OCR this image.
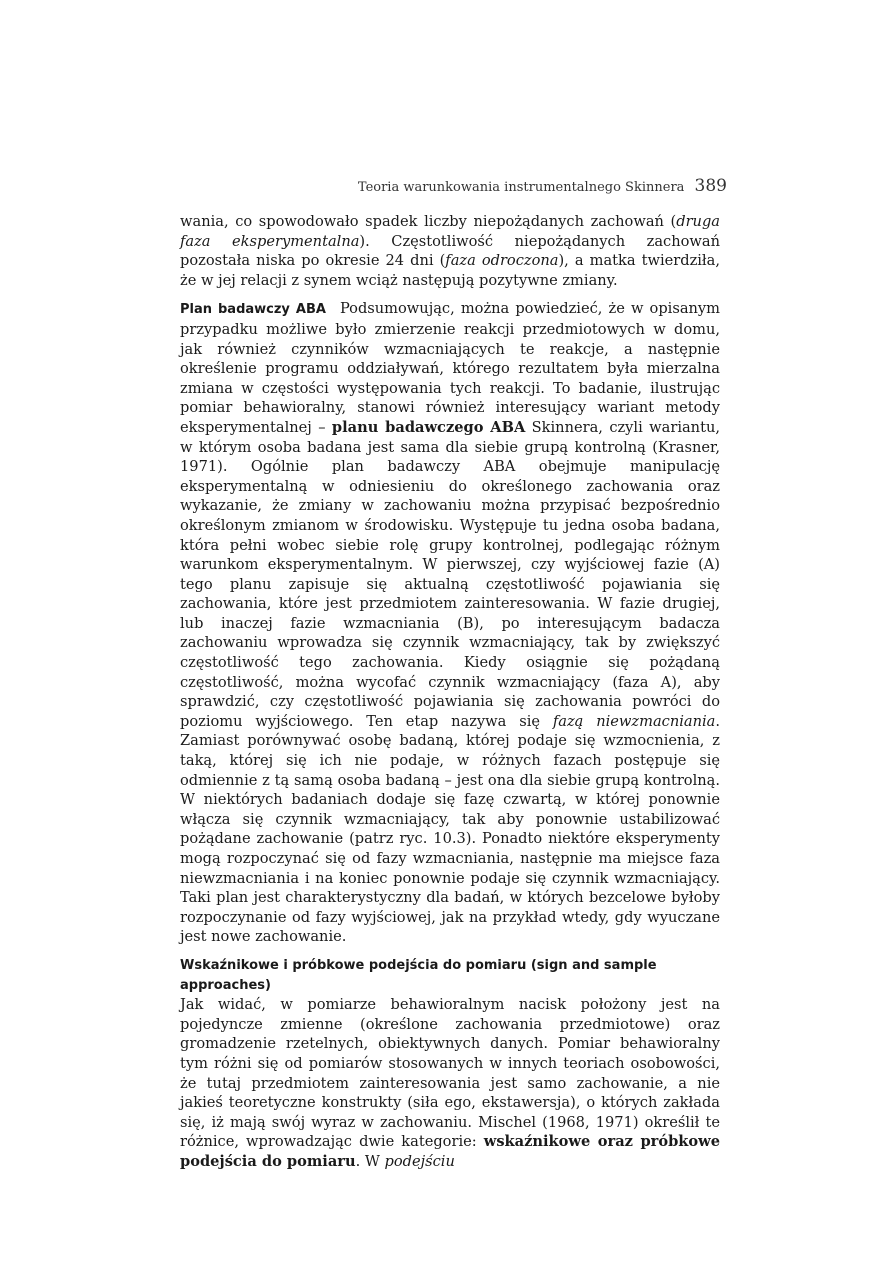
Teoria warunkowania instrumentalnego Skinnera 389

wania, co spowodowało spadek liczby niepożądanych zachowań (druga faza eksperymentalna). Częstotliwość niepożądanych zachowań pozostała niska po okresie 24 dni (faza odroczona), a matka twierdziła, że w jej relacji z synem wciąż następują pozytywne zmiany.

Plan badawczy ABA Podsumowując, można powiedzieć, że w opisanym przypadku możliwe było zmierzenie reakcji przedmiotowych w domu, jak również czynników wzmacniających te reakcje, a następnie określenie programu oddziaływań, którego rezultatem była mierzalna zmiana w częstości występowania tych reakcji. To badanie, ilustrując pomiar behawioralny, stanowi również interesujący wariant metody eksperymentalnej – planu badawczego ABA Skinnera, czyli wariantu, w którym osoba badana jest sama dla siebie grupą kontrolną (Krasner, 1971). Ogólnie plan badawczy ABA obejmuje manipulację eksperymentalną w odniesieniu do określonego zachowania oraz wykazanie, że zmiany w zachowaniu można przypisać bezpośrednio określonym zmianom w środowisku. Występuje tu jedna osoba badana, która pełni wobec siebie rolę grupy kontrolnej, podlegając różnym warunkom eksperymentalnym. W pierwszej, czy wyjściowej fazie (A) tego planu zapisuje się aktualną częstotliwość pojawiania się zachowania, które jest przedmiotem zainteresowania. W fazie drugiej, lub inaczej fazie wzmacniania (B), po interesującym badacza zachowaniu wprowadza się czynnik wzmacniający, tak by zwiększyć częstotliwość tego zachowania. Kiedy osiągnie się pożądaną częstotliwość, można wycofać czynnik wzmacniający (faza A), aby sprawdzić, czy częstotliwość pojawiania się zachowania powróci do poziomu wyjściowego. Ten etap nazywa się fazą niewzmacniania. Zamiast porównywać osobę badaną, której podaje się wzmocnienia, z taką, której się ich nie podaje, w różnych fazach postępuje się odmiennie z tą samą osoba badaną – jest ona dla siebie grupą kontrolną. W niektórych badaniach dodaje się fazę czwartą, w której ponownie włącza się czynnik wzmacniający, tak aby ponownie ustabilizować pożądane zachowanie (patrz ryc. 10.3). Ponadto niektóre eksperymenty mogą rozpoczynać się od fazy wzmacniania, następnie ma miejsce faza niewzmacniania i na koniec ponownie podaje się czynnik wzmacniający. Taki plan jest charakterystyczny dla badań, w których bezcelowe byłoby rozpoczynanie od fazy wyjściowej, jak na przykład wtedy, gdy wyuczane jest nowe zachowanie.

Wskaźnikowe i próbkowe podejścia do pomiaru (sign and sample approaches)
Jak widać, w pomiarze behawioralnym nacisk położony jest na pojedyncze zmienne (określone zachowania przedmiotowe) oraz gromadzenie rzetelnych, obiektywnych danych. Pomiar behawioralny tym różni się od pomiarów stosowanych w innych teoriach osobowości, że tutaj przedmiotem zainteresowania jest samo zachowanie, a nie jakieś teoretyczne konstrukty (siła ego, ekstawersja), o których zakłada się, iż mają swój wyraz w zachowaniu. Mischel (1968, 1971) określił te różnice, wprowadzając dwie kategorie: wskaźnikowe oraz próbkowe podejścia do pomiaru. W podejściu
